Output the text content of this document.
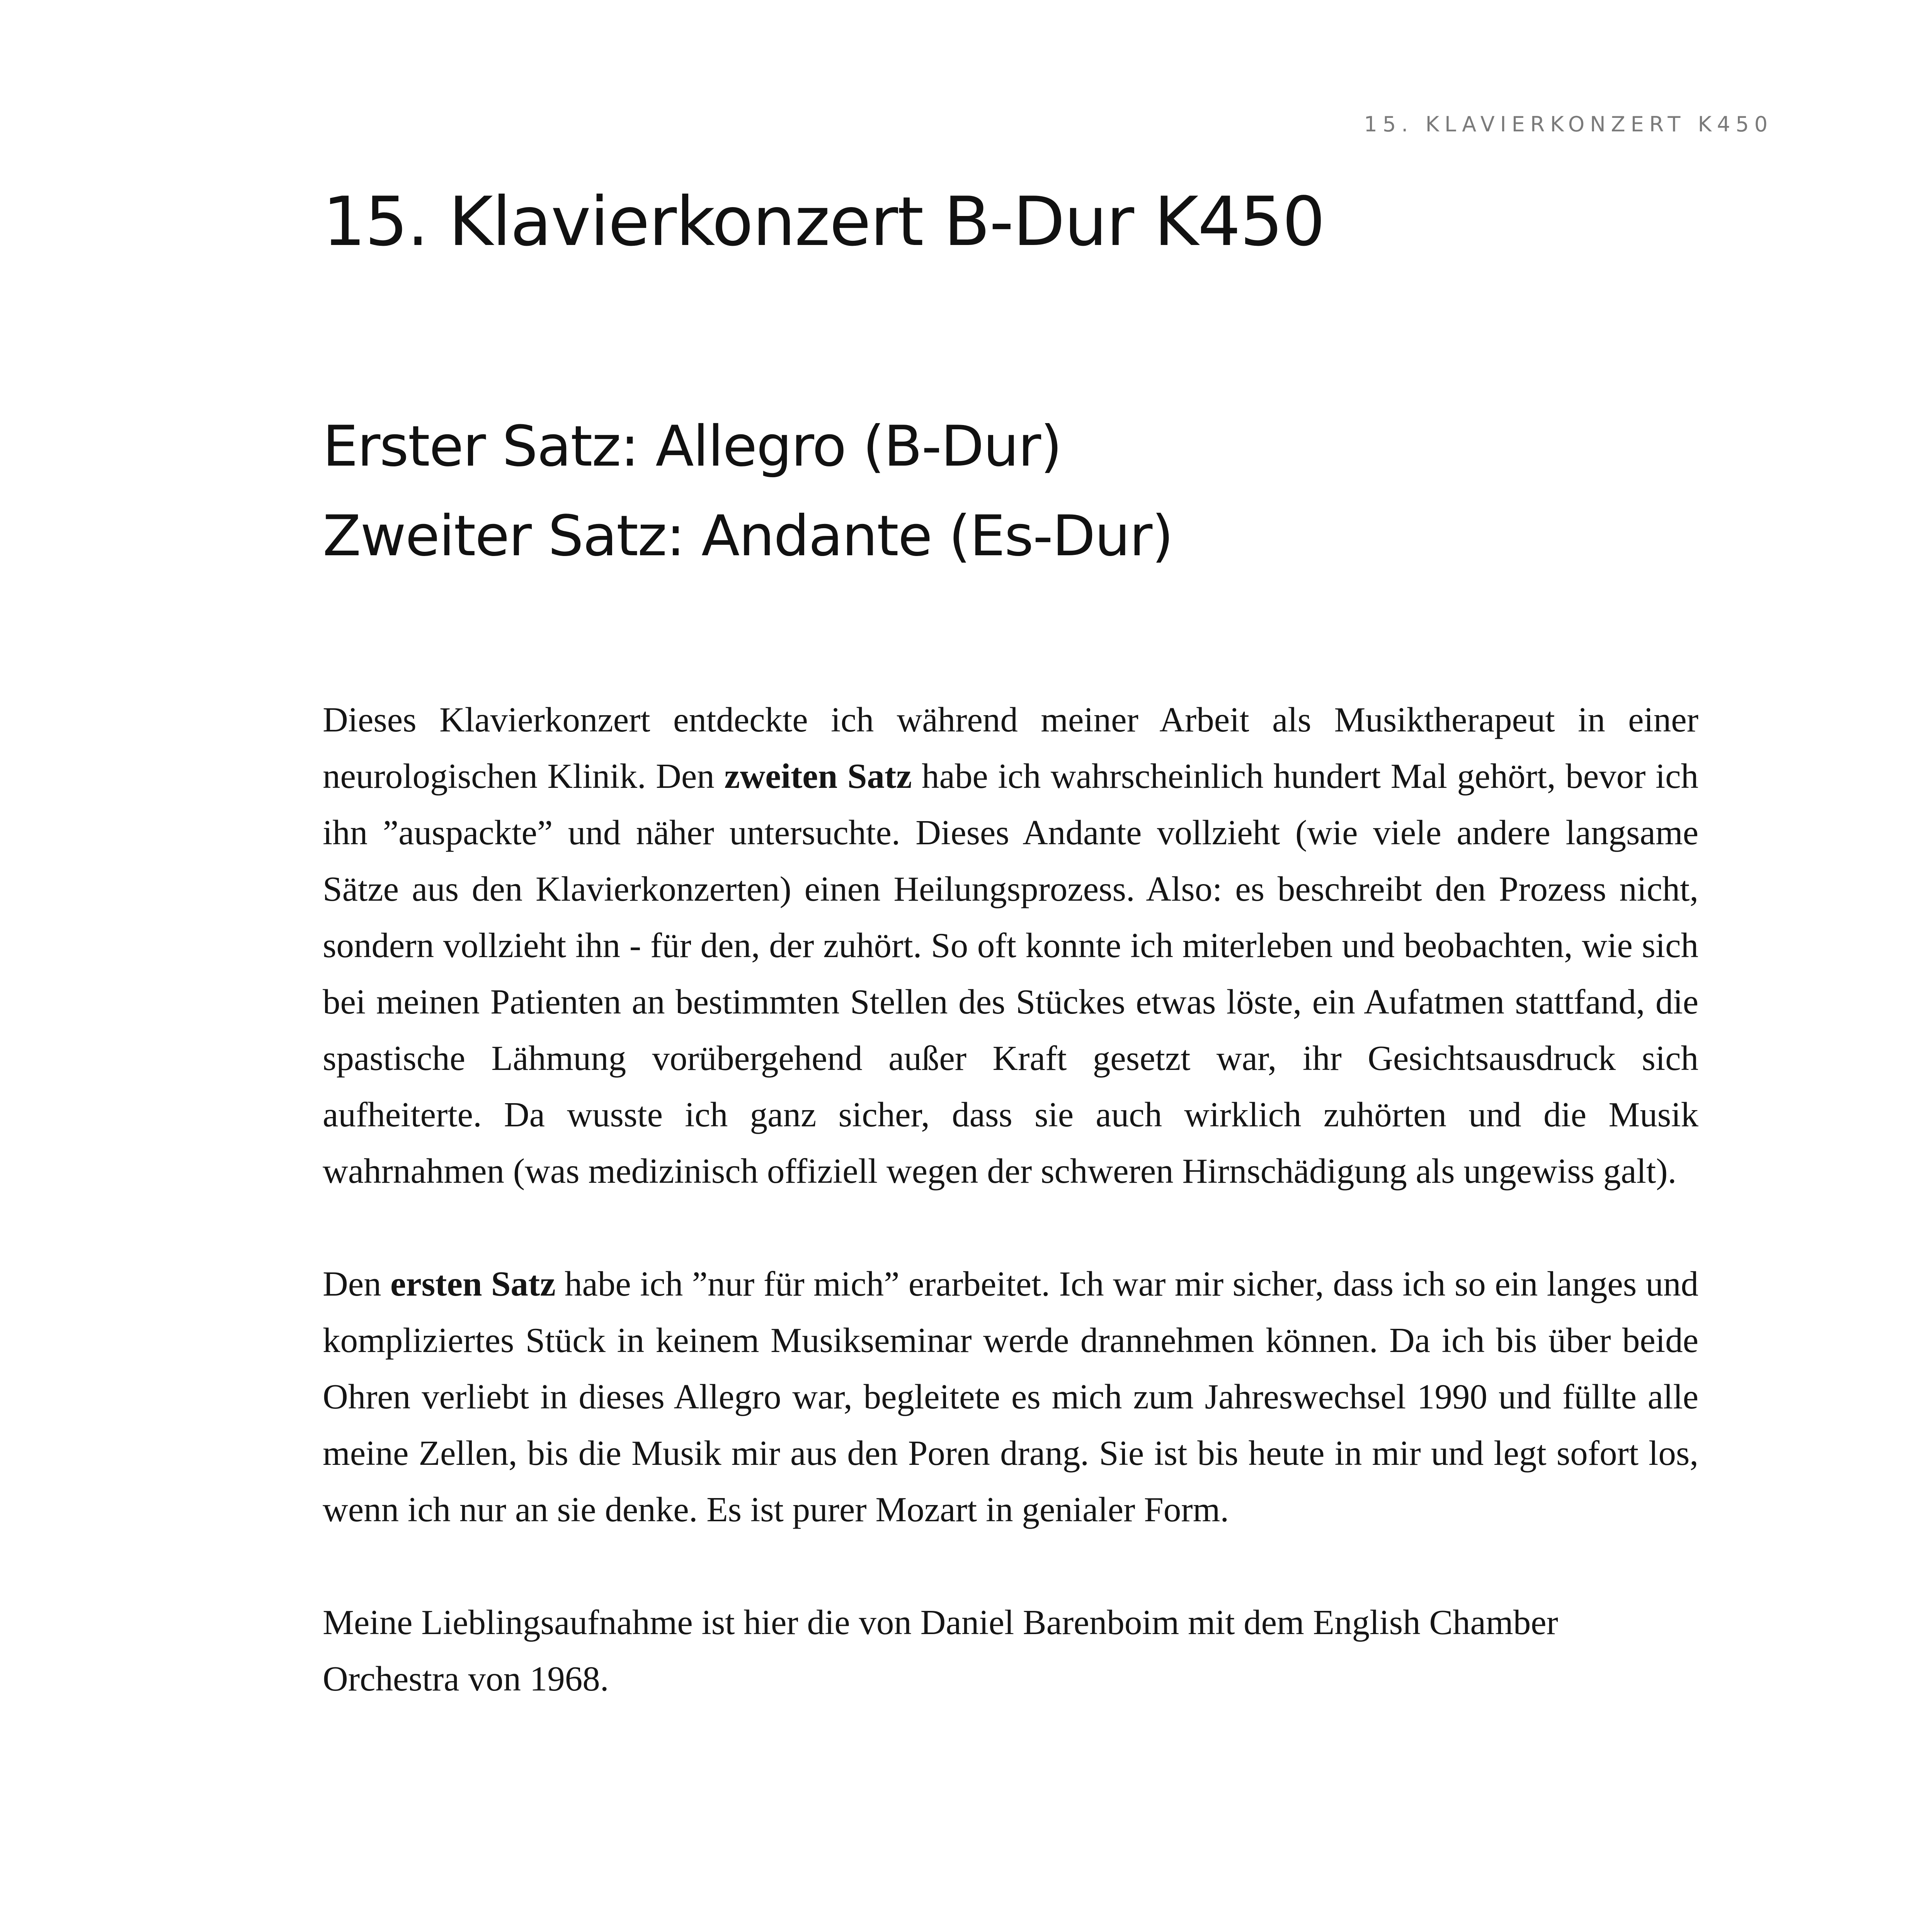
15. KLAVIERKONZERT K450
15. Klavierkonzert B-Dur K450
Erster Satz: Allegro (B-Dur)
Zweiter Satz: Andante (Es-Dur)

Dieses Klavierkonzert entdeckte ich während meiner Arbeit als Musiktherapeut in einer neurologischen Klinik. Den zweiten Satz habe ich wahrscheinlich hundert Mal gehört, bevor ich ihn ”auspackte” und näher untersuchte. Dieses Andante vollzieht (wie viele andere langsame Sätze aus den Klavierkonzerten) einen Heilungsprozess. Also: es beschreibt den Prozess nicht, sondern vollzieht ihn - für den, der zuhört. So oft konnte ich miterleben und beobachten, wie sich bei meinen Patienten an bestimmten Stellen des Stückes etwas löste, ein Aufatmen stattfand, die spastische Lähmung vorübergehend außer Kraft gesetzt war, ihr Gesichtsausdruck sich aufheiterte. Da wusste ich ganz sicher, dass sie auch wirklich zuhörten und die Musik wahrnahmen (was medizinisch offiziell wegen der schweren Hirnschädigung als ungewiss galt).

Den ersten Satz habe ich ”nur für mich” erarbeitet. Ich war mir sicher, dass ich so ein langes und kompliziertes Stück in keinem Musikseminar werde drannehmen können. Da ich bis über beide Ohren verliebt in dieses Allegro war, begleitete es mich zum Jahreswechsel 1990 und füllte alle meine Zellen, bis die Musik mir aus den Poren drang. Sie ist bis heute in mir und legt sofort los, wenn ich nur an sie denke. Es ist purer Mozart in genialer Form.

Meine Lieblingsaufnahme ist hier die von Daniel Barenboim mit dem English Chamber Orchestra von 1968.
